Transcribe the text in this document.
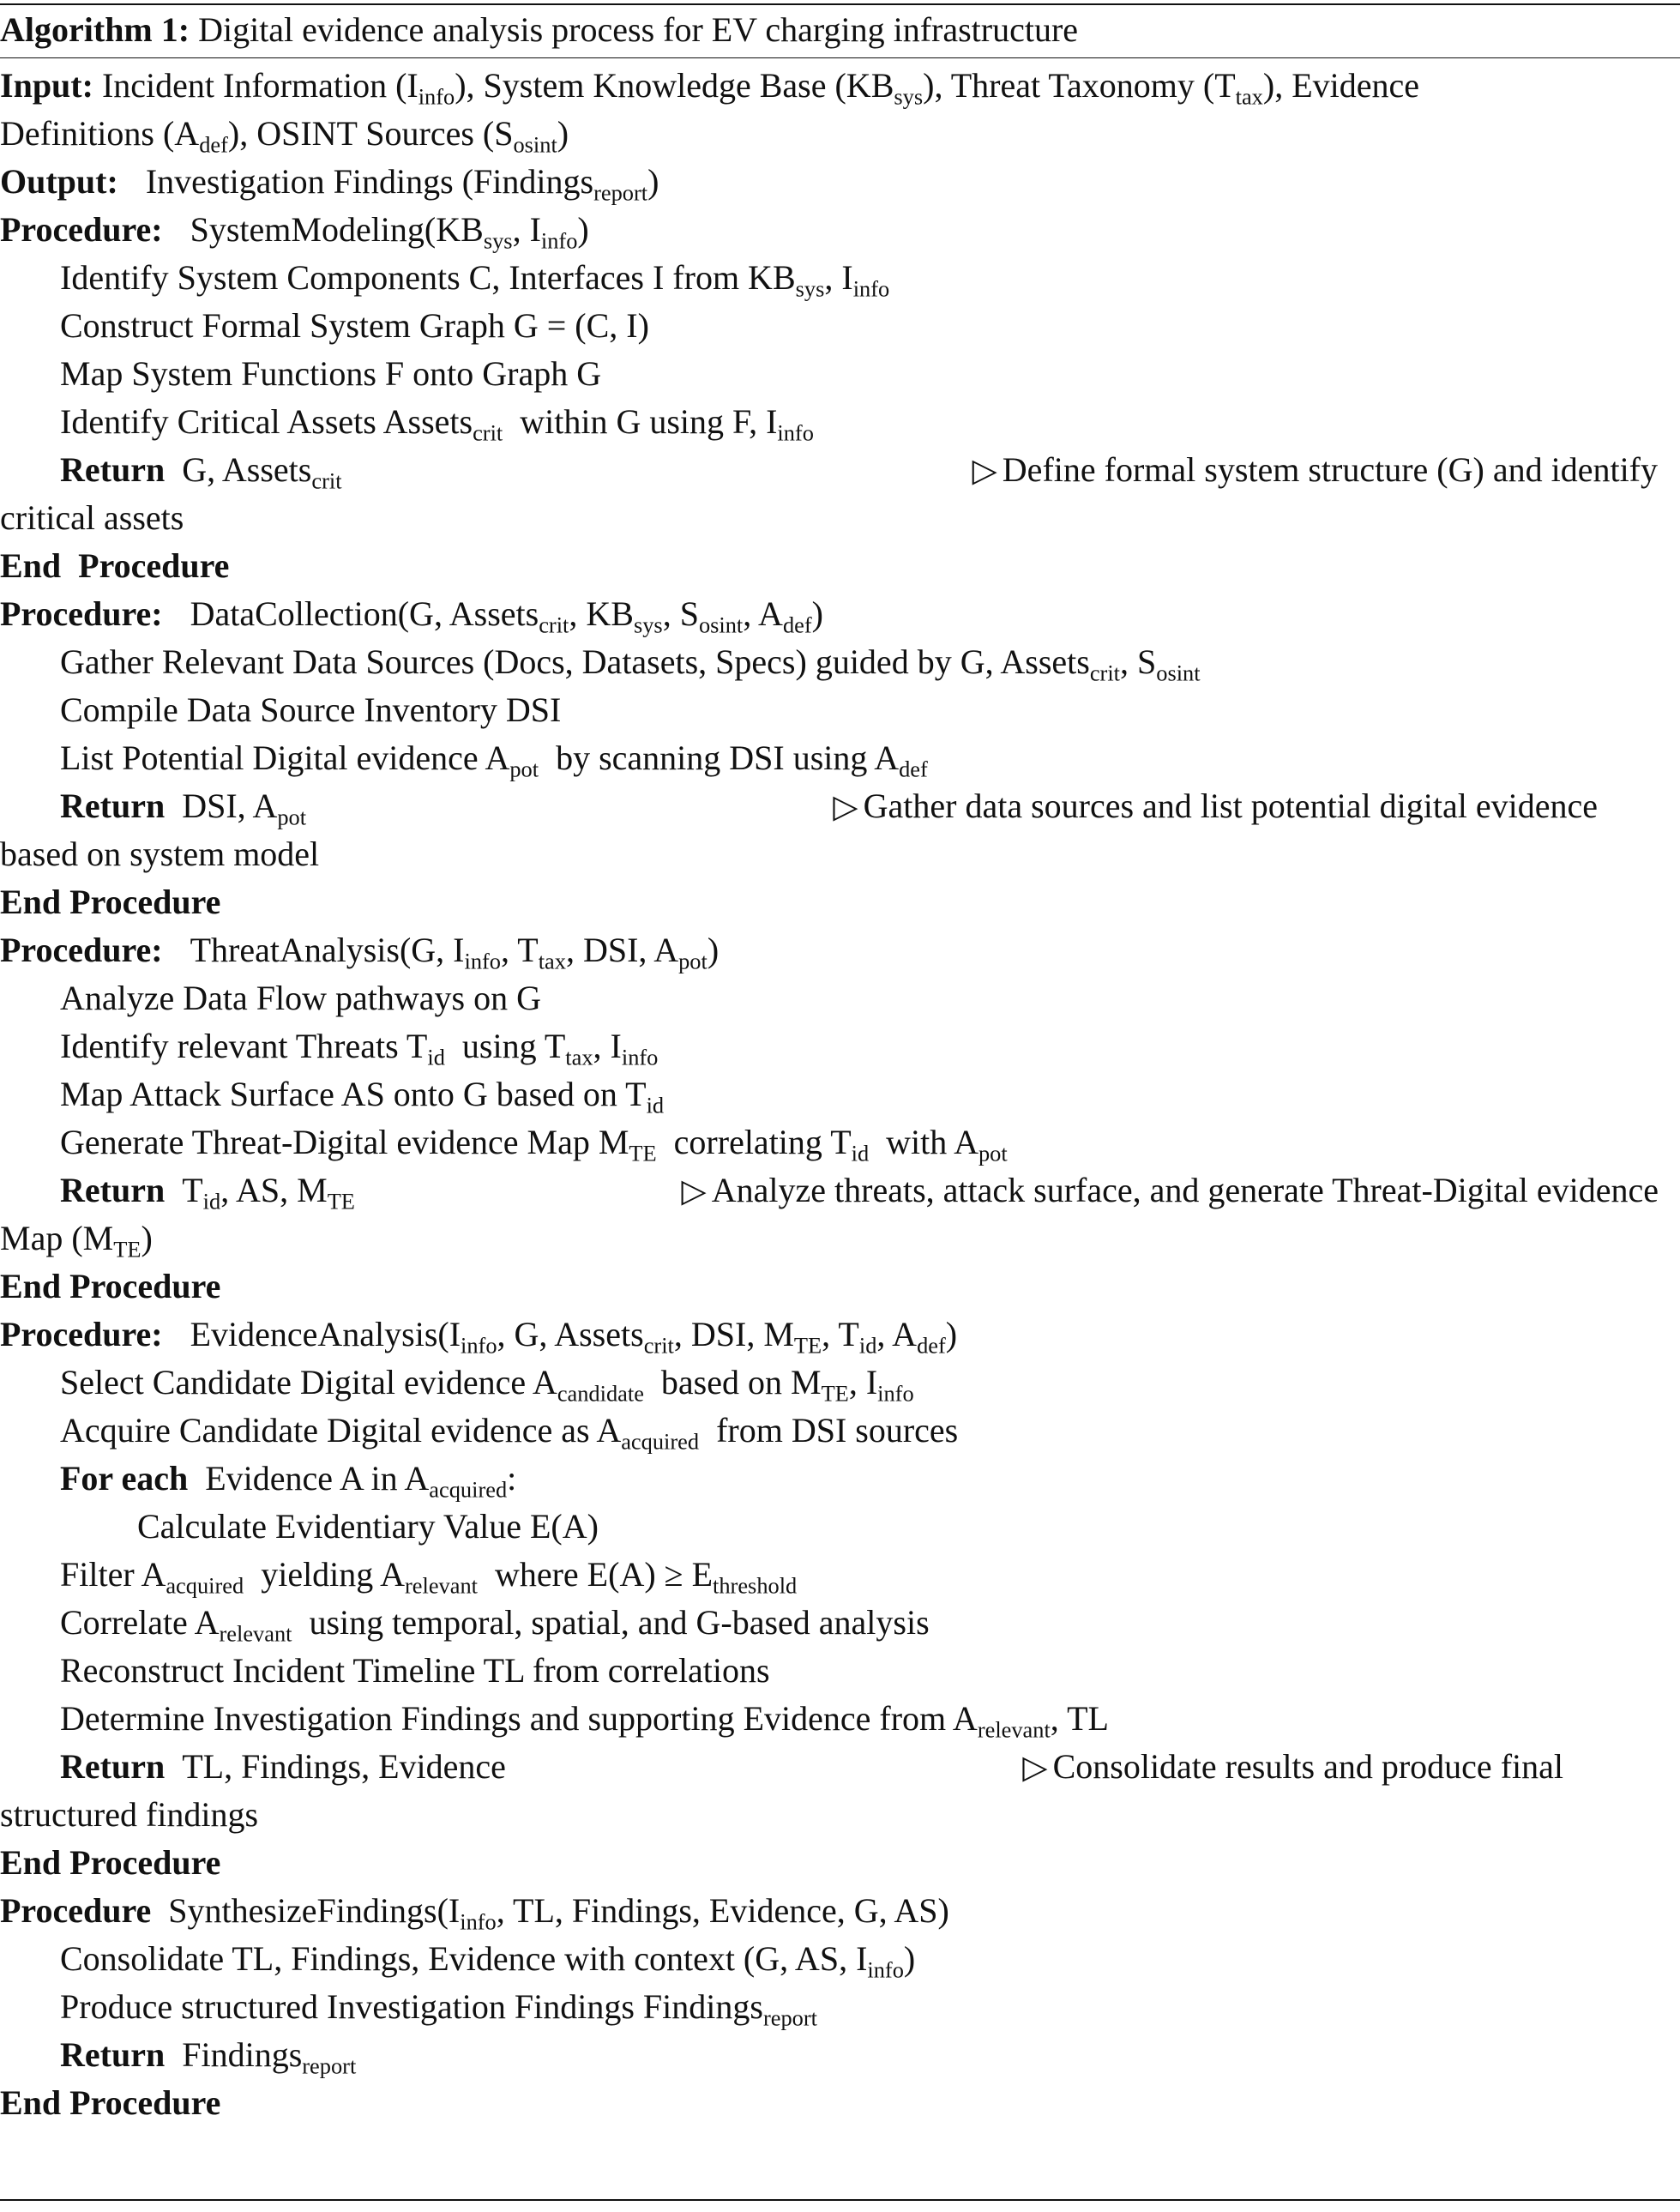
Algorithm 1: Digital evidence analysis process for EV charging infrastructure
Input: Incident Information $(I_{info})$, System Knowledge Base $(KB_{sys})$, Threat Taxonomy $(T_{tax})$, Evidence
Definitions $(A_{def})$, OSINT Sources $(S_{osint})$
Output: Investigation Findings (Findings$_{report}$)
Procedure: $SystemModeling(KB_{sys}$, $I_{info}$)
Identify System Components C, Interfaces I from $KB_{sys}$, $I_{info}$
Construct Formal System Graph G = (C, I)
Map System Functions F onto Graph G
Identify Critical Assets Assets$_{crit}$  within G using F, $I_{info}$
Return  G, Assets$_{crit}$	▷ Define formal system structure (G) and identify
critical assets
End  Procedure
Procedure: DataCollection(G, Assets$_{crit}$, $KB_{sys}$, $S_{osint}$, $A_{def}$)
Gather Relevant Data Sources (Docs, Datasets, Specs) guided by G, Assets$_{crit}$, $S_{osint}$
Compile Data Source Inventory DSI
List Potential Digital evidence $A_{pot}$  by scanning DSI using $A_{def}$
Return  DSI, $A_{pot}$	▷ Gather data sources and list potential digital evidence
based on system model
End Procedure
Procedure: ThreatAnalysis(G, $I_{info}$, $T_{tax}$, DSI, $A_{pot}$)
Analyze Data Flow pathways on G
Identify relevant Threats $T_{id}$  using $T_{tax}$, $I_{info}$
Map Attack Surface AS onto G based on $T_{id}$
Generate Threat-Digital evidence Map $M_{TE}$  correlating $T_{id}$  with $A_{pot}$
Return  $T_{id}$, AS, $M_{TE}$	▷ Analyze threats, attack surface, and generate Threat-Digital evidence
Map $(M_{TE})$
End Procedure
Procedure: $EvidenceAnalysis(I_{info}$, G, Assets$_{crit}$, DSI, $M_{TE}$, $T_{id}$, $A_{def}$)
Select Candidate Digital evidence $A_{candidate}$  based on $M_{TE}$, $I_{info}$
Acquire Candidate Digital evidence as $A_{acquired}$  from DSI sources
For each  Evidence A in $A_{acquired}$:
Calculate Evidentiary Value E(A)
Filter $A_{acquired}$  yielding $A_{relevant}$  where $E(A) \ge E_{threshold}$
Correlate $A_{relevant}$  using temporal, spatial, and G-based analysis
Reconstruct Incident Timeline TL from correlations
Determine Investigation Findings and supporting Evidence from $A_{relevant}$, TL
Return  TL, Findings, Evidence	▷ Consolidate results and produce final
structured findings
End Procedure
Procedure $SynthesizeFindings(I_{info}$, TL, Findings, Evidence, G, AS)
Consolidate TL, Findings, Evidence with context (G, AS, $I_{info}$)
Produce structured Investigation Findings Findings$_{report}$
Return  Findings$_{report}$
End Procedure
